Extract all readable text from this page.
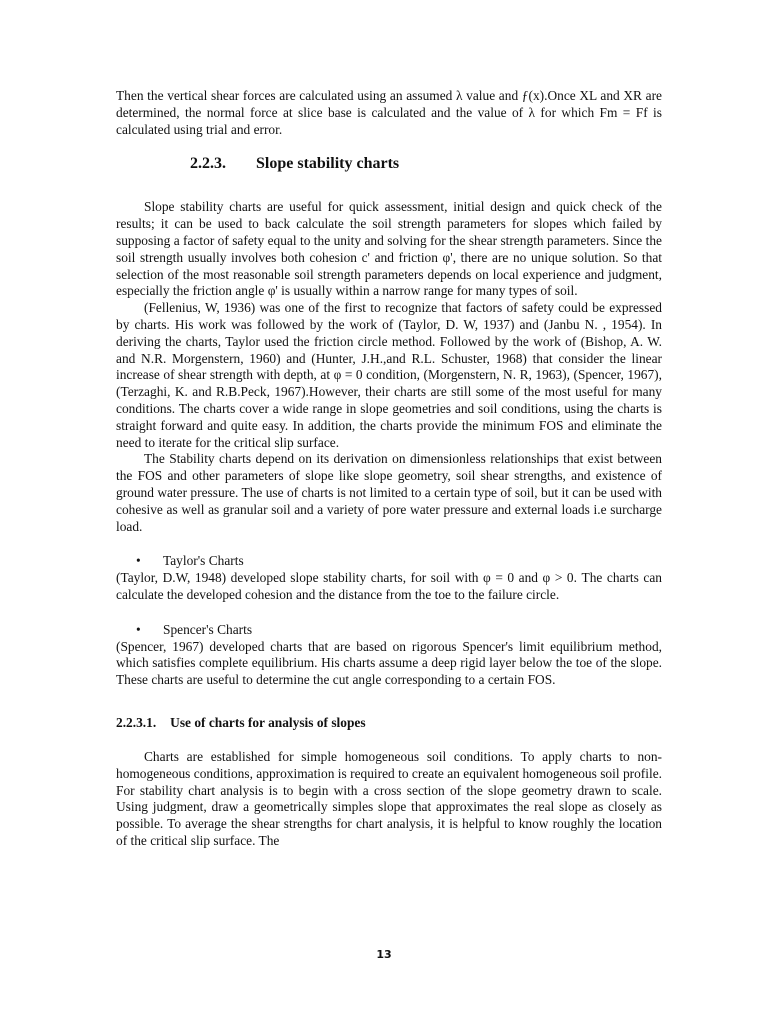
Then the vertical shear forces are calculated using an assumed λ value and ƒ(x).Once XL and XR are determined, the normal force at slice base is calculated and the value of λ for which Fm = Ff is calculated using trial and error.

2.2.3. Slope stability charts

Slope stability charts are useful for quick assessment, initial design and quick check of the results; it can be used to back calculate the soil strength parameters for slopes which failed by supposing a factor of safety equal to the unity and solving for the shear strength parameters. Since the soil strength usually involves both cohesion c' and friction φ', there are no unique solution. So that selection of the most reasonable soil strength parameters depends on local experience and judgment, especially the friction angle φ' is usually within a narrow range for many types of soil.

(Fellenius, W, 1936) was one of the first to recognize that factors of safety could be expressed by charts. His work was followed by the work of (Taylor, D. W, 1937) and (Janbu N. , 1954). In deriving the charts, Taylor used the friction circle method. Followed by the work of (Bishop, A. W. and N.R. Morgenstern, 1960) and (Hunter, J.H.,and R.L. Schuster, 1968) that consider the linear increase of shear strength with depth, at φ = 0 condition, (Morgenstern, N. R, 1963), (Spencer, 1967), (Terzaghi, K. and R.B.Peck, 1967).However, their charts are still some of the most useful for many conditions. The charts cover a wide range in slope geometries and soil conditions, using the charts is straight forward and quite easy. In addition, the charts provide the minimum FOS and eliminate the need to iterate for the critical slip surface.

The Stability charts depend on its derivation on dimensionless relationships that exist between the FOS and other parameters of slope like slope geometry, soil shear strengths, and existence of ground water pressure. The use of charts is not limited to a certain type of soil, but it can be used with cohesive as well as granular soil and a variety of pore water pressure and external loads i.e surcharge load.

• Taylor's Charts

(Taylor, D.W, 1948) developed slope stability charts, for soil with φ = 0 and φ > 0. The charts can calculate the developed cohesion and the distance from the toe to the failure circle.

• Spencer's Charts

(Spencer, 1967) developed charts that are based on rigorous Spencer's limit equilibrium method, which satisfies complete equilibrium. His charts assume a deep rigid layer below the toe of the slope. These charts are useful to determine the cut angle corresponding to a certain FOS.

2.2.3.1. Use of charts for analysis of slopes

Charts are established for simple homogeneous soil conditions. To apply charts to non-homogeneous conditions, approximation is required to create an equivalent homogeneous soil profile. For stability chart analysis is to begin with a cross section of the slope geometry drawn to scale. Using judgment, draw a geometrically simples slope that approximates the real slope as closely as possible. To average the shear strengths for chart analysis, it is helpful to know roughly the location of the critical slip surface. The

13
